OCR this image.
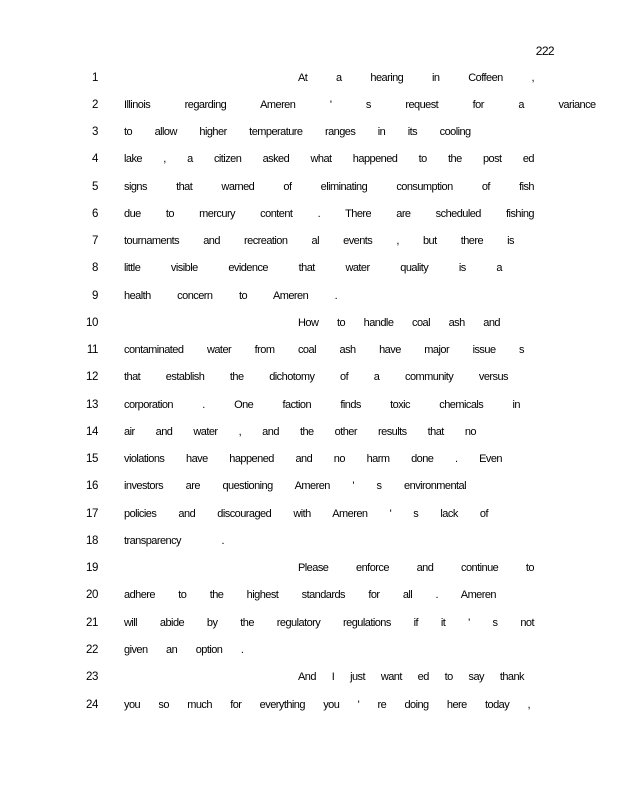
222
1	At a hearing in Coffeen ,
2 Illinois regarding Ameren ' s request for a variance
3 to allow higher temperature ranges in its cooling
4 lake , a citizen asked what happened to the post ed
5 signs that warned of eliminating consumption of fish
6 due to mercury content . There are scheduled fishing
7 tournaments and recreation al events , but there is
8 little visible evidence that water quality is a
9 health concern to Ameren .
10	How to handle coal ash and
11 contaminated water from coal ash have major issue s
12 that establish the dichotomy of a community versus
13 corporation . One faction finds toxic chemicals in
14 air and water , and the other results that no
15 violations have happened and no harm done . Even
16 investors are questioning Ameren ' s environmental
17 policies and discouraged with Ameren ' s lack of
18 transparency .
19	Please enforce and continue to
20 adhere to the highest standards for all . Ameren
21 will abide by the regulatory regulations if it ' s not
22 given an option .
23	And I just want ed to say thank
24 you so much for everything you ' re doing here today ,
